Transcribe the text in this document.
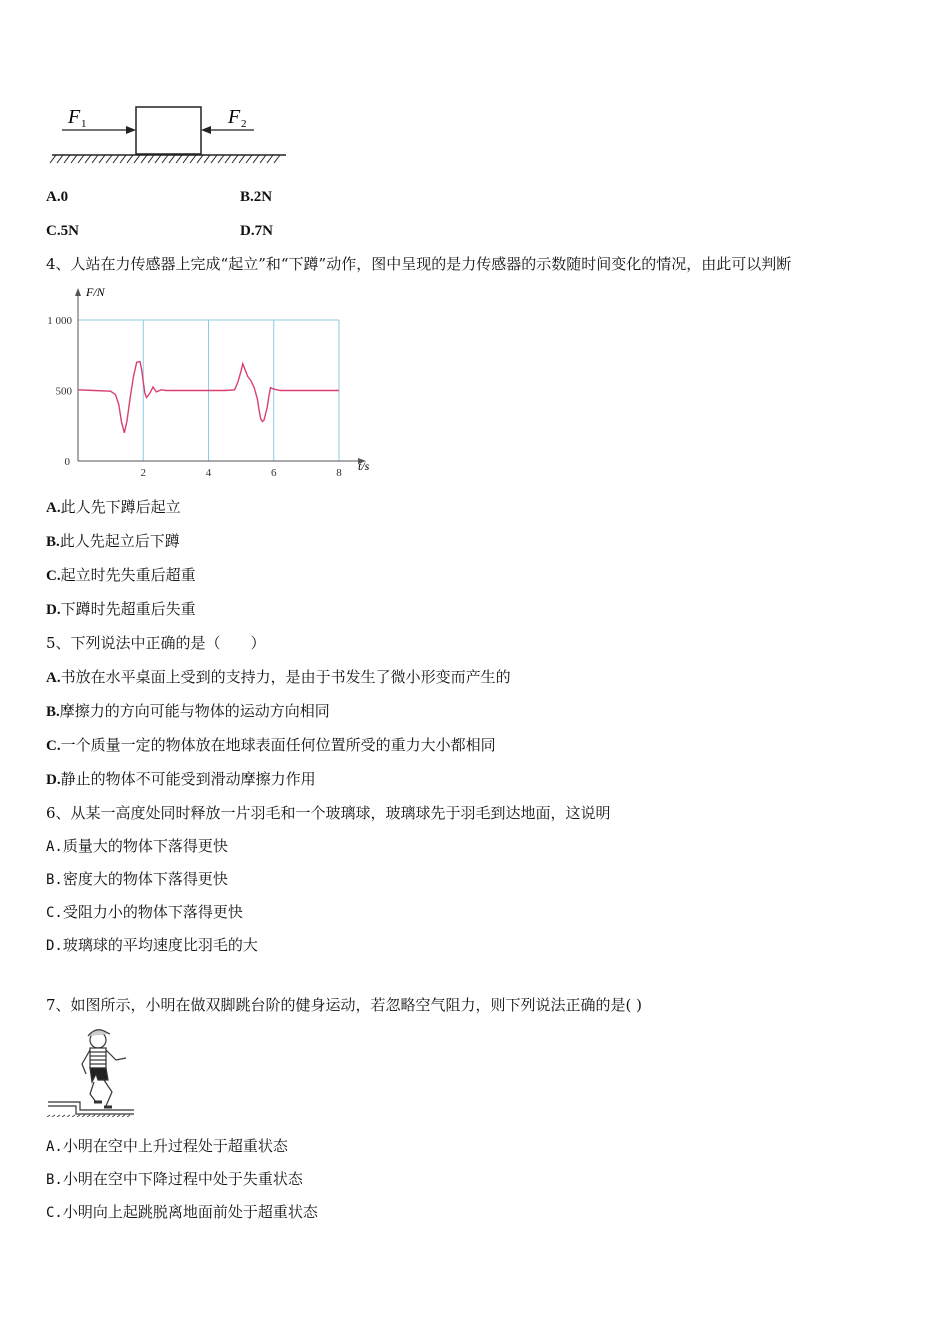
F 1	F 2
A.0	B.2N
C.5N	D.7N
4、人站在力传感器上完成“起立”和“下蹲”动作，图中呈现的是力传感器的示数随时间变化的情况，由此可以判断
2	4	6	8
0
500
1 000
F/N
t/s
A.此人先下蹲后起立
B.此人先起立后下蹲
C.起立时先失重后超重
D.下蹲时先超重后失重
5、下列说法中正确的是（　　）
A.书放在水平桌面上受到的支持力，是由于书发生了微小形变而产生的
B.摩擦力的方向可能与物体的运动方向相同
C.一个质量一定的物体放在地球表面任何位置所受的重力大小都相同
D.静止的物体不可能受到滑动摩擦力作用
6、从某一高度处同时释放一片羽毛和一个玻璃球，玻璃球先于羽毛到达地面，这说明
A.质量大的物体下落得更快
B.密度大的物体下落得更快
C.受阻力小的物体下落得更快
D.玻璃球的平均速度比羽毛的大
7、如图所示，小明在做双脚跳台阶的健身运动，若忽略空气阻力，则下列说法正确的是( )
A.小明在空中上升过程处于超重状态
B.小明在空中下降过程中处于失重状态
C.小明向上起跳脱离地面前处于超重状态
